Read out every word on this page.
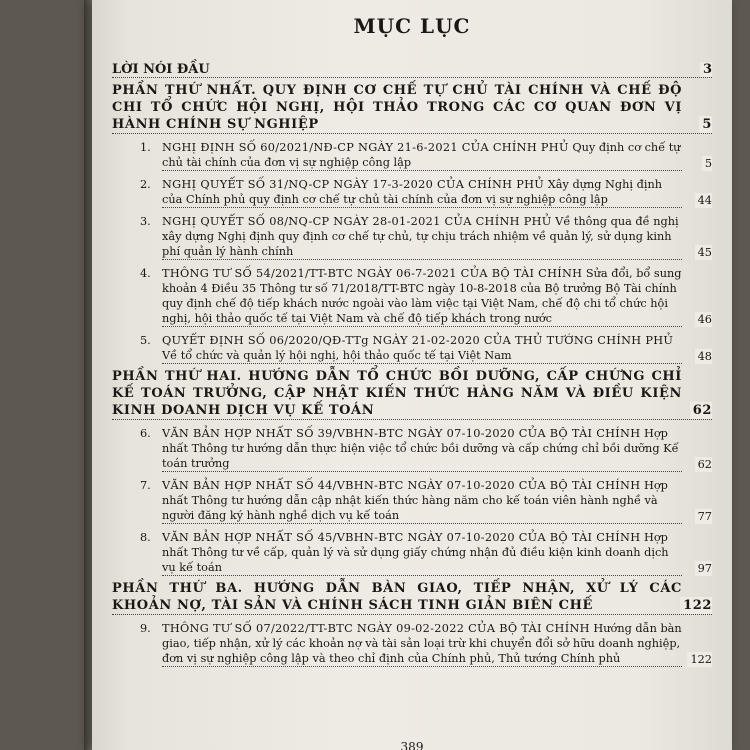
MỤC LỤC
LỜI NÓI ĐẦU	3
PHẦN THỨ NHẤT. QUY ĐỊNH CƠ CHẾ TỰ CHỦ TÀI CHÍNH VÀ CHẾ ĐỘ CHI TỔ CHỨC HỘI NGHỊ, HỘI THẢO TRONG CÁC CƠ QUAN ĐƠN VỊ HÀNH CHÍNH SỰ NGHIỆP	5
1. NGHỊ ĐỊNH SỐ 60/2021/NĐ-CP NGÀY 21-6-2021 CỦA CHÍNH PHỦ Quy định cơ chế tự chủ tài chính của đơn vị sự nghiệp công lập	5
2. NGHỊ QUYẾT SỐ 31/NQ-CP NGÀY 17-3-2020 CỦA CHÍNH PHỦ Xây dựng Nghị định của Chính phủ quy định cơ chế tự chủ tài chính của đơn vị sự nghiệp công lập	44
3. NGHỊ QUYẾT SỐ 08/NQ-CP NGÀY 28-01-2021 CỦA CHÍNH PHỦ Về thông qua đề nghị xây dựng Nghị định quy định cơ chế tự chủ, tự chịu trách nhiệm về quản lý, sử dụng kinh phí quản lý hành chính	45
4. THÔNG TƯ SỐ 54/2021/TT-BTC NGÀY 06-7-2021 CỦA BỘ TÀI CHÍNH Sửa đổi, bổ sung khoản 4 Điều 35 Thông tư số 71/2018/TT-BTC ngày 10-8-2018 của Bộ trưởng Bộ Tài chính quy định chế độ tiếp khách nước ngoài vào làm việc tại Việt Nam, chế độ chi tổ chức hội nghị, hội thảo quốc tế tại Việt Nam và chế độ tiếp khách trong nước	46
5. QUYẾT ĐỊNH SỐ 06/2020/QĐ-TTg NGÀY 21-02-2020 CỦA THỦ TƯỚNG CHÍNH PHỦ Về tổ chức và quản lý hội nghị, hội thảo quốc tế tại Việt Nam	48
PHẦN THỨ HAI. HƯỚNG DẪN TỔ CHỨC BỒI DƯỠNG, CẤP CHỨNG CHỈ KẾ TOÁN TRƯỞNG, CẬP NHẬT KIẾN THỨC HÀNG NĂM VÀ ĐIỀU KIỆN KINH DOANH DỊCH VỤ KẾ TOÁN	62
6. VĂN BẢN HỢP NHẤT SỐ 39/VBHN-BTC NGÀY 07-10-2020 CỦA BỘ TÀI CHÍNH Hợp nhất Thông tư hướng dẫn thực hiện việc tổ chức bồi dưỡng và cấp chứng chỉ bồi dưỡng Kế toán trưởng	62
7. VĂN BẢN HỢP NHẤT SỐ 44/VBHN-BTC NGÀY 07-10-2020 CỦA BỘ TÀI CHÍNH Hợp nhất Thông tư hướng dẫn cập nhật kiến thức hàng năm cho kế toán viên hành nghề và người đăng ký hành nghề dịch vụ kế toán	77
8. VĂN BẢN HỢP NHẤT SỐ 45/VBHN-BTC NGÀY 07-10-2020 CỦA BỘ TÀI CHÍNH Hợp nhất Thông tư về cấp, quản lý và sử dụng giấy chứng nhận đủ điều kiện kinh doanh dịch vụ kế toán	97
PHẦN THỨ BA. HƯỚNG DẪN BÀN GIAO, TIẾP NHẬN, XỬ LÝ CÁC KHOẢN NỢ, TÀI SẢN VÀ CHÍNH SÁCH TINH GIẢN BIÊN CHẾ	122
9. THÔNG TƯ SỐ 07/2022/TT-BTC NGÀY 09-02-2022 CỦA BỘ TÀI CHÍNH Hướng dẫn bàn giao, tiếp nhận, xử lý các khoản nợ và tài sản loại trừ khi chuyển đổi sở hữu doanh nghiệp, đơn vị sự nghiệp công lập và theo chỉ định của Chính phủ, Thủ tướng Chính phủ	122
389
